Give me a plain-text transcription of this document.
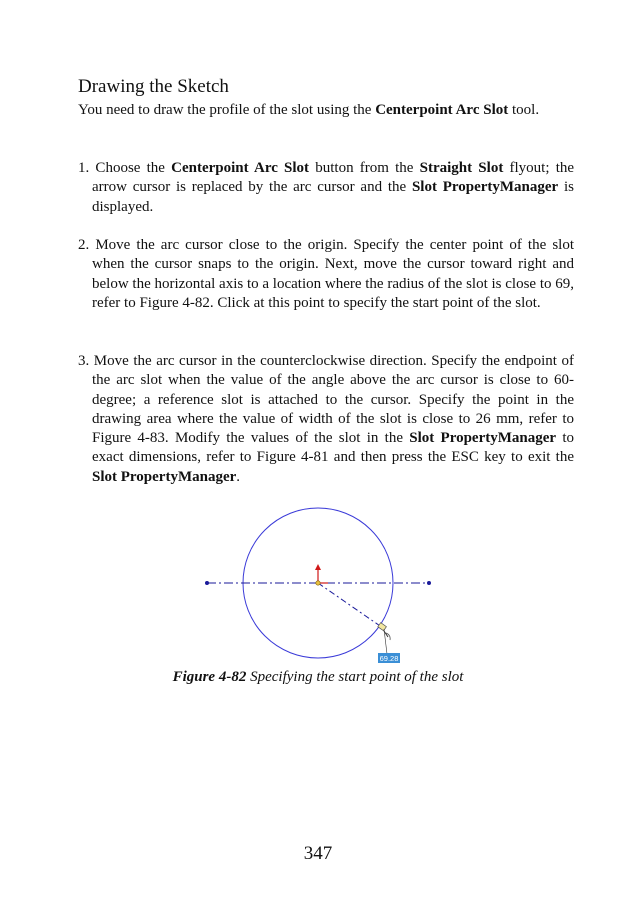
Drawing the Sketch

You need to draw the profile of the slot using the Centerpoint Arc Slot tool.

1. Choose the Centerpoint Arc Slot button from the Straight Slot flyout; the arrow cursor is replaced by the arc cursor and the Slot PropertyManager is displayed.

2. Move the arc cursor close to the origin. Specify the center point of the slot when the cursor snaps to the origin. Next, move the cursor toward right and below the horizontal axis to a location where the radius of the slot is close to 69, refer to Figure 4-82. Click at this point to specify the start point of the slot.

3. Move the arc cursor in the counterclockwise direction. Specify the endpoint of the arc slot when the value of the angle above the arc cursor is close to 60-degree; a reference slot is attached to the cursor. Specify the point in the drawing area where the value of width of the slot is close to 26 mm, refer to Figure 4-83. Modify the values of the slot in the Slot PropertyManager to exact dimensions, refer to Figure 4-81 and then press the ESC key to exit the Slot PropertyManager.

69.28
Figure 4-82 Specifying the start point of the slot
347
